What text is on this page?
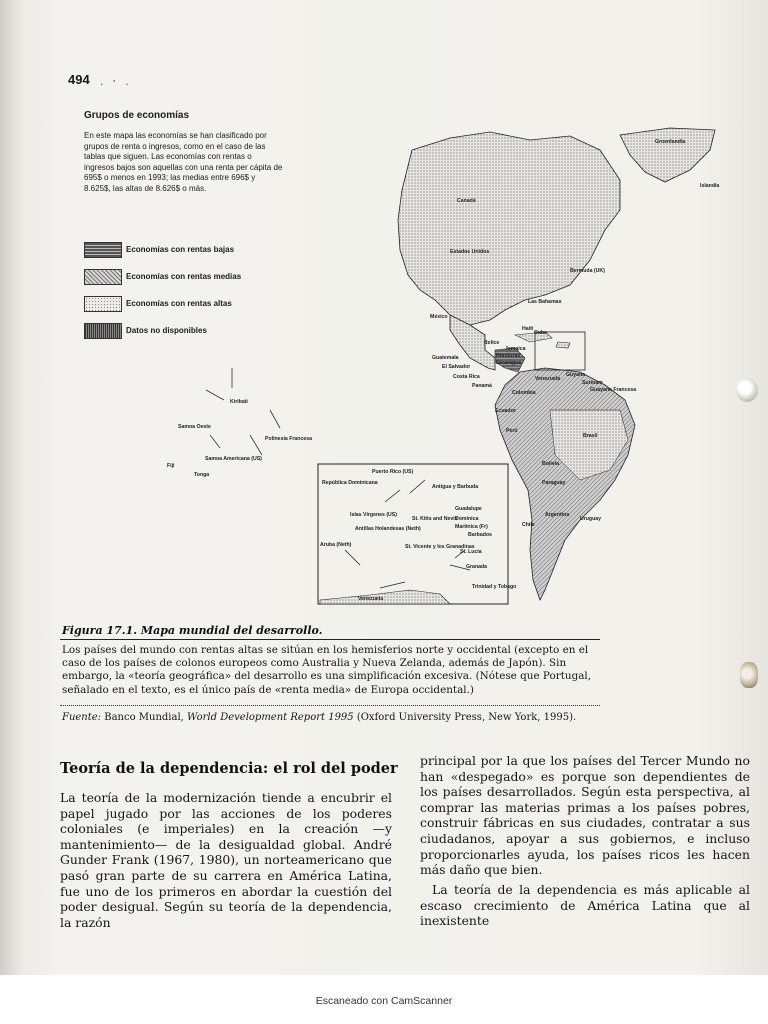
494 . ⸱ .
Grupos de economías

En este mapa las economías se han clasificado por grupos de renta o ingresos, como en el caso de las tablas que siguen. Las economías con rentas o ingresos bajos son aquellas con una renta per cápita de 695$ o menos en 1993; las medias entre 696$ y 8.625$, las altas de 8.626$ o más.

Economías con rentas bajas
Economías con rentas medias
Economías con rentas altas
Datos no disponibles
Groenlandia
Islandia
Canadá
Estados Unidos
Bermuda (UK)
Las Bahamas
México
Cuba
Haití
Jamaica
Belice
Honduras
Nicaragua
Guatemala
El Salvador
Costa Rica
Panamá
Venezuela
Guyana
Surinam
Guayana Francesa
Colombia
Ecuador
Perú
Brasil
Bolivia
Paraguay
Uruguay
Argentina
Chile
Kiribati
Samoa Oeste
Polinesia Francesa
Samoa Americana (US)
Fiji
Tonga	Puerto Rico (US)
República Dominicana
Antigua y Barbuda
Islas Vírgenes (US)
St. Kitts and Nevis
Guadalupe
Dominica
Martinica (Fr)
Antillas Holandesas (Neth)
Barbados
Aruba (Neth)	St. Vicente y los Granadinas
St. Lucía
Granada
Trinidad y Tobago
Venezuela
Figura 17.1. Mapa mundial del desarrollo.

Los países del mundo con rentas altas se sitúan en los hemisferios norte y occidental (excepto en el caso de los países de colonos europeos como Australia y Nueva Zelanda, además de Japón). Sin embargo, la «teoría geográfica» del desarrollo es una simplificación excesiva. (Nótese que Portugal, señalado en el texto, es el único país de «renta media» de Europa occidental.)

Fuente: Banco Mundial, World Development Report 1995 (Oxford University Press, New York, 1995).

Teoría de la dependencia: el rol del poder

La teoría de la modernización tiende a encubrir el papel jugado por las acciones de los poderes coloniales (e imperiales) en la creación —y mantenimiento— de la desigualdad global. André Gunder Frank (1967, 1980), un norteamericano que pasó gran parte de su carrera en América Latina, fue uno de los primeros en abordar la cuestión del poder desigual. Según su teoría de la dependencia, la razón

principal por la que los países del Tercer Mundo no han «despegado» es porque son dependientes de los países desarrollados. Según esta perspectiva, al comprar las materias primas a los países pobres, construir fábricas en sus ciudades, contratar a sus ciudadanos, apoyar a sus gobiernos, e incluso proporcionarles ayuda, los países ricos les hacen más daño que bien.

La teoría de la dependencia es más aplicable al escaso crecimiento de América Latina que al inexistente

Escaneado con CamScanner
